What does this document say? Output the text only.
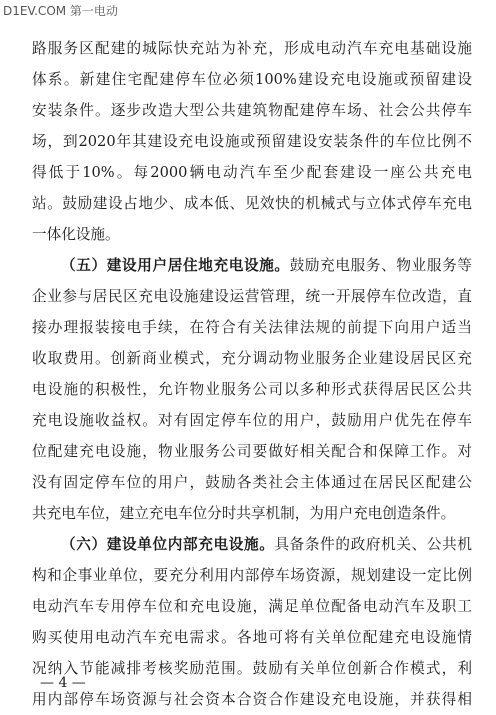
D1EV.COM 第一电动
路服务区配建的城际快充站为补充，形成电动汽车充电基础设施
体系。新建住宅配建停车位必须100%建设充电设施或预留建设
安装条件。逐步改造大型公共建筑物配建停车场、社会公共停车
场，到2020年其建设充电设施或预留建设安装条件的车位比例不
得低于10%。每2000辆电动汽车至少配套建设一座公共充电
站。鼓励建设占地少、成本低、见效快的机械式与立体式停车充电
一体化设施。
（五）建设用户居住地充电设施。鼓励充电服务、物业服务等
企业参与居民区充电设施建设运营管理，统一开展停车位改造，直
接办理报装接电手续，在符合有关法律法规的前提下向用户适当
收取费用。创新商业模式，充分调动物业服务企业建设居民区充
电设施的积极性，允许物业服务公司以多种形式获得居民区公共
充电设施收益权。对有固定停车位的用户，鼓励用户优先在停车
位配建充电设施，物业服务公司要做好相关配合和保障工作。对
没有固定停车位的用户，鼓励各类社会主体通过在居民区配建公
共充电车位，建立充电车位分时共享机制，为用户充电创造条件。
（六）建设单位内部充电设施。具备条件的政府机关、公共机
构和企事业单位，要充分利用内部停车场资源，规划建设一定比例
电动汽车专用停车位和充电设施，满足单位配备电动汽车及职工
购买使用电动汽车充电需求。各地可将有关单位配建充电设施情
况纳入节能减排考核奖励范围。鼓励有关单位创新合作模式，利
用内部停车场资源与社会资本合资合作建设充电设施，并获得相
— 4 —
